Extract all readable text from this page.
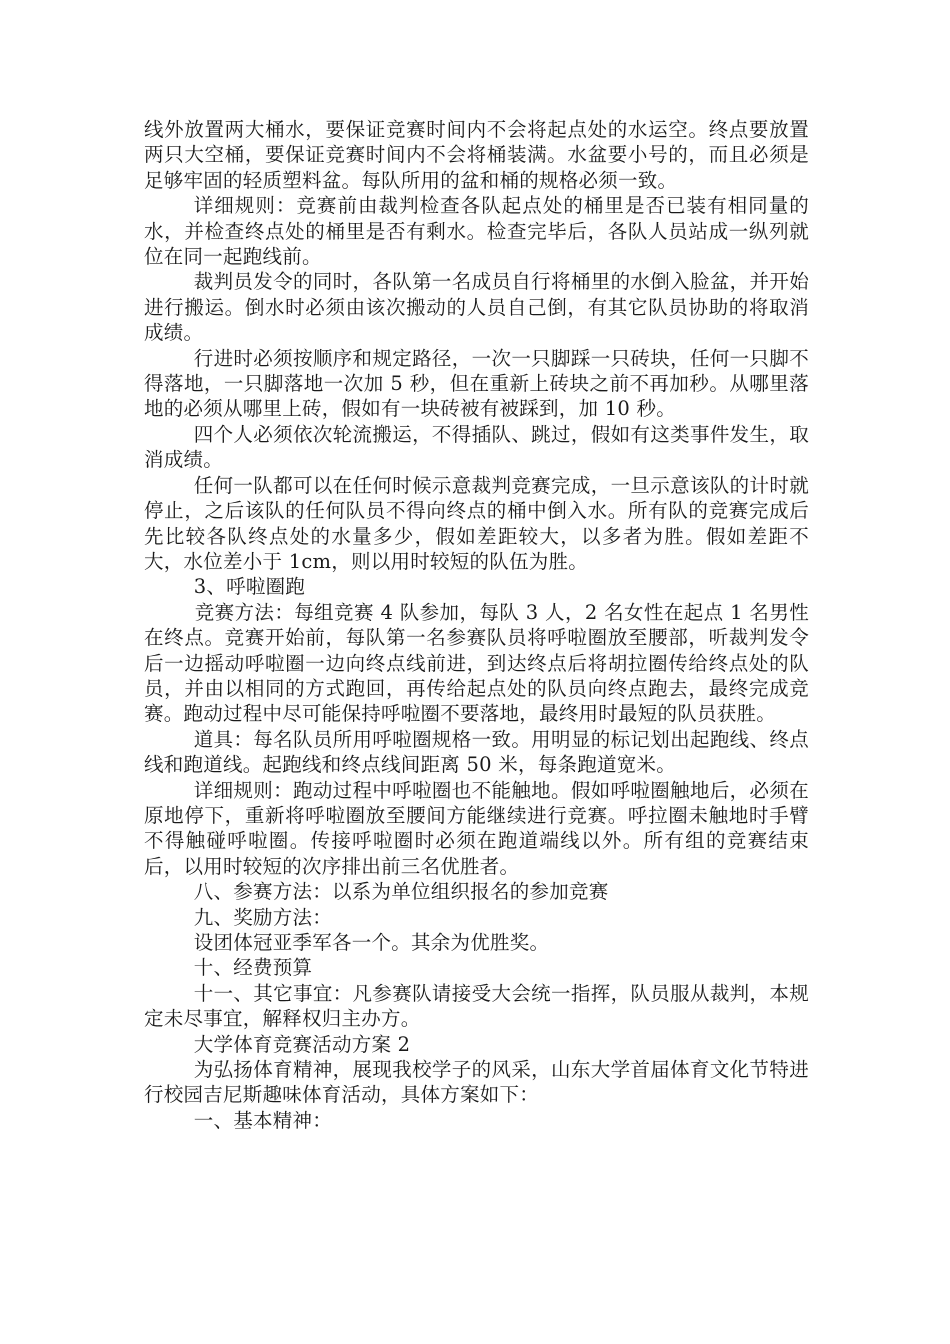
线外放置两大桶水，要保证竞赛时间内不会将起点处的水运空。终点要放置两只大空桶，要保证竞赛时间内不会将桶装满。水盆要小号的，而且必须是足够牢固的轻质塑料盆。每队所用的盆和桶的规格必须一致。

详细规则：竞赛前由裁判检查各队起点处的桶里是否已装有相同量的水，并检查终点处的桶里是否有剩水。检查完毕后，各队人员站成一纵列就位在同一起跑线前。

裁判员发令的同时，各队第一名成员自行将桶里的水倒入脸盆，并开始进行搬运。倒水时必须由该次搬动的人员自己倒，有其它队员协助的将取消成绩。

行进时必须按顺序和规定路径，一次一只脚踩一只砖块，任何一只脚不得落地，一只脚落地一次加 5 秒，但在重新上砖块之前不再加秒。从哪里落地的必须从哪里上砖，假如有一块砖被有被踩到，加 10 秒。

四个人必须依次轮流搬运，不得插队、跳过，假如有这类事件发生，取消成绩。

任何一队都可以在任何时候示意裁判竞赛完成，一旦示意该队的计时就停止，之后该队的任何队员不得向终点的桶中倒入水。所有队的竞赛完成后先比较各队终点处的水量多少，假如差距较大，以多者为胜。假如差距不大，水位差小于 1cm，则以用时较短的队伍为胜。

3、呼啦圈跑

竞赛方法：每组竞赛 4 队参加，每队 3 人，2 名女性在起点 1 名男性在终点。竞赛开始前，每队第一名参赛队员将呼啦圈放至腰部，听裁判发令后一边摇动呼啦圈一边向终点线前进，到达终点后将胡拉圈传给终点处的队员，并由以相同的方式跑回，再传给起点处的队员向终点跑去，最终完成竞赛。跑动过程中尽可能保持呼啦圈不要落地，最终用时最短的队员获胜。

道具：每名队员所用呼啦圈规格一致。用明显的标记划出起跑线、终点线和跑道线。起跑线和终点线间距离 50 米，每条跑道宽米。

详细规则：跑动过程中呼啦圈也不能触地。假如呼啦圈触地后，必须在原地停下，重新将呼啦圈放至腰间方能继续进行竞赛。呼拉圈未触地时手臂不得触碰呼啦圈。传接呼啦圈时必须在跑道端线以外。所有组的竞赛结束后，以用时较短的次序排出前三名优胜者。

八、参赛方法：以系为单位组织报名的参加竞赛

九、奖励方法：

设团体冠亚季军各一个。其余为优胜奖。

十、经费预算

十一、其它事宜：凡参赛队请接受大会统一指挥，队员服从裁判，本规定未尽事宜，解释权归主办方。

大学体育竞赛活动方案 2

为弘扬体育精神，展现我校学子的风采，山东大学首届体育文化节特进行校园吉尼斯趣味体育活动，具体方案如下：

一、基本精神：
